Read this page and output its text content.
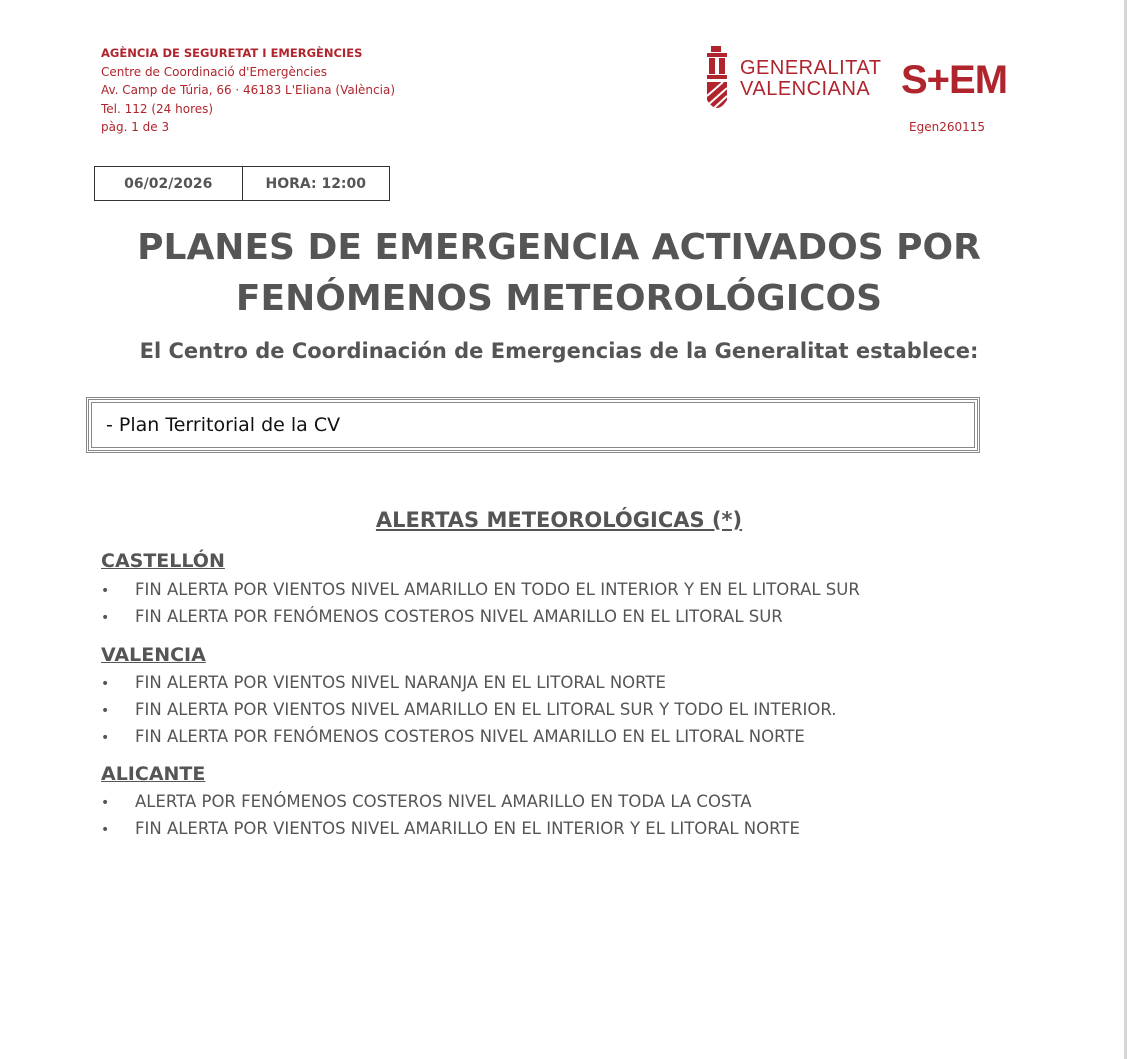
AGÈNCIA DE SEGURETAT I EMERGÈNCIES
Centre de Coordinació d'Emergències
Av. Camp de Túria, 66 · 46183 L'Eliana (València)
Tel. 112 (24 hores)
pàg. 1 de 3
GENERALITAT
VALENCIANA S+EM
Egen260115
06/02/2026	HORA: 12:00
PLANES DE EMERGENCIA ACTIVADOS POR
FENÓMENOS METEOROLÓGICOS
El Centro de Coordinación de Emergencias de la Generalitat establece:
- Plan Territorial de la CV
ALERTAS METEOROLÓGICAS (*)
CASTELLÓN
• FIN ALERTA POR VIENTOS NIVEL AMARILLO EN TODO EL INTERIOR Y EN EL LITORAL SUR
• FIN ALERTA POR FENÓMENOS COSTEROS NIVEL AMARILLO EN EL LITORAL SUR
VALENCIA
• FIN ALERTA POR VIENTOS NIVEL NARANJA EN EL LITORAL NORTE
• FIN ALERTA POR VIENTOS NIVEL AMARILLO EN EL LITORAL SUR Y TODO EL INTERIOR.
• FIN ALERTA POR FENÓMENOS COSTEROS NIVEL AMARILLO EN EL LITORAL NORTE
ALICANTE
• ALERTA POR FENÓMENOS COSTEROS NIVEL AMARILLO EN TODA LA COSTA
• FIN ALERTA POR VIENTOS NIVEL AMARILLO EN EL INTERIOR Y EL LITORAL NORTE
